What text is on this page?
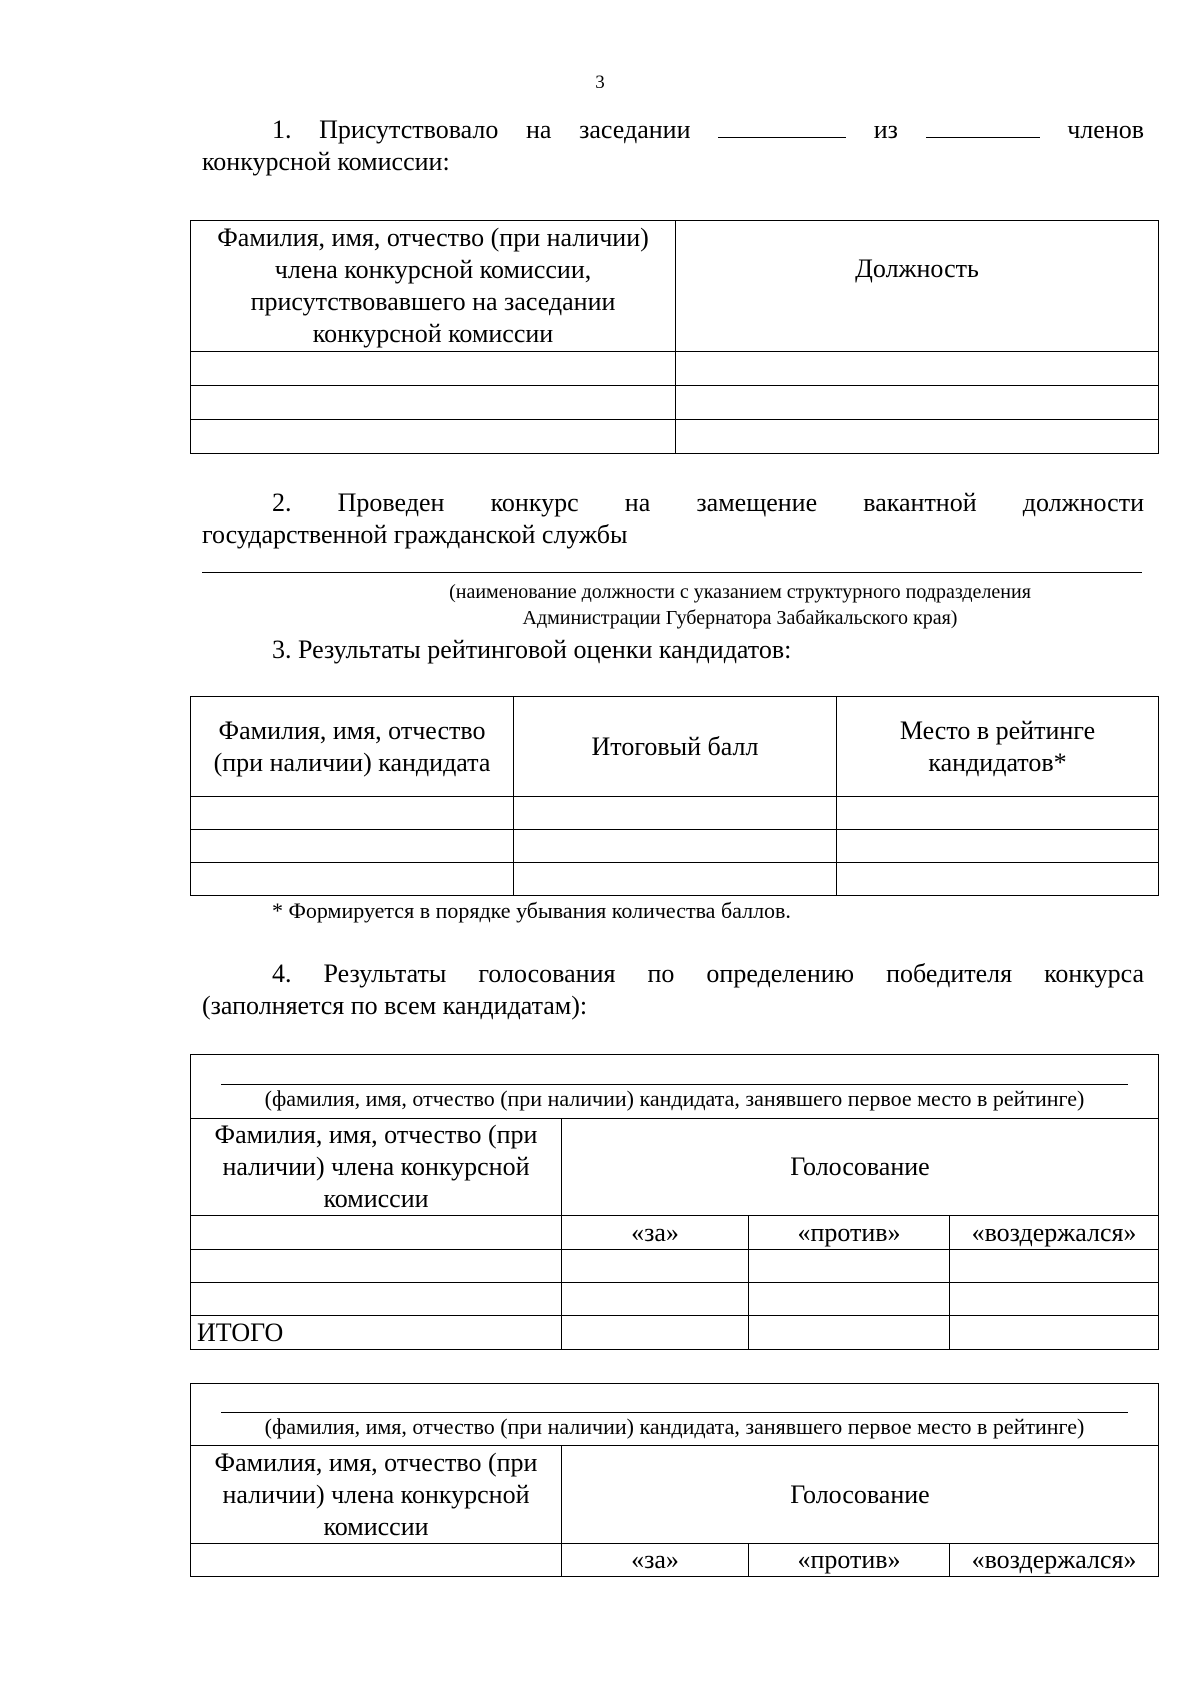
3
1. Присутствовало на заседании	из	членов
конкурсной комиссии:
Фамилия, имя, отчество (при наличии) члена конкурсной комиссии, присутствовавшего на заседании конкурсной комиссии	Должность

2. Проведен конкурс на замещение вакантной должности
государственной гражданской службы
(наименование должности с указанием структурного подразделения
Администрации Губернатора Забайкальского края)
3. Результаты рейтинговой оценки кандидатов:
Фамилия, имя, отчество (при наличии) кандидата	Итоговый балл	Место в рейтинге кандидатов*

* Формируется в порядке убывания количества баллов.
4. Результаты голосования по определению победителя конкурса
(заполняется по всем кандидатам):
(фамилия, имя, отчество (при наличии) кандидата, занявшего первое место в рейтинге)			

Фамилия, имя, отчество (при наличии) члена конкурсной комиссии	Голосование		
	«за»	«против»	«воздержался»

ИТОГО			
(фамилия, имя, отчество (при наличии) кандидата, занявшего первое место в рейтинге)			

Фамилия, имя, отчество (при наличии) члена конкурсной комиссии	Голосование		
	«за»	«против»	«воздержался»
